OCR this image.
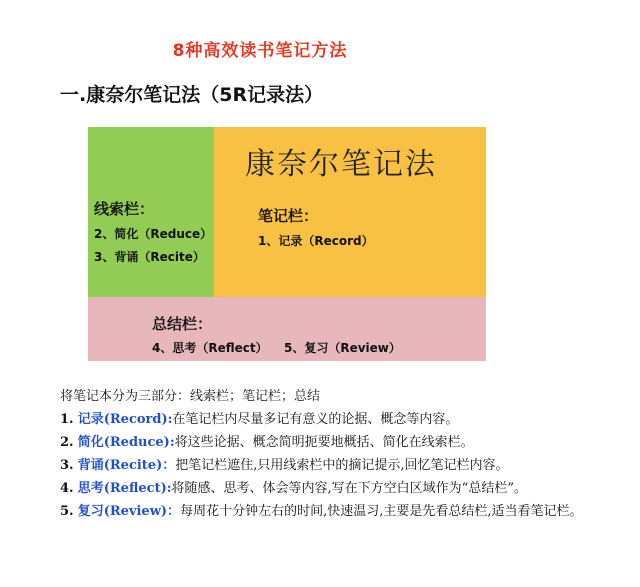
8种高效读书笔记方法
一.康奈尔笔记法（5R记录法）
康奈尔笔记法
线索栏：
2、简化（Reduce）
3、背诵（Recite）
笔记栏：
1、记录（Record）
总结栏：
4、思考（Reflect） 5、复习（Review）

将笔记本分为三部分：线索栏；笔记栏；总结

1. 记录(Record):在笔记栏内尽量多记有意义的论据、概念等内容。

2. 简化(Reduce):将这些论据、概念简明扼要地概括、简化在线索栏。

3. 背诵(Recite)：把笔记栏遮住,只用线索栏中的摘记提示,回忆笔记栏内容。

4. 思考(Reflect):将随感、思考、体会等内容,写在下方空白区域作为“总结栏”。

5. 复习(Review)：每周花十分钟左右的时间,快速温习,主要是先看总结栏,适当看笔记栏。
